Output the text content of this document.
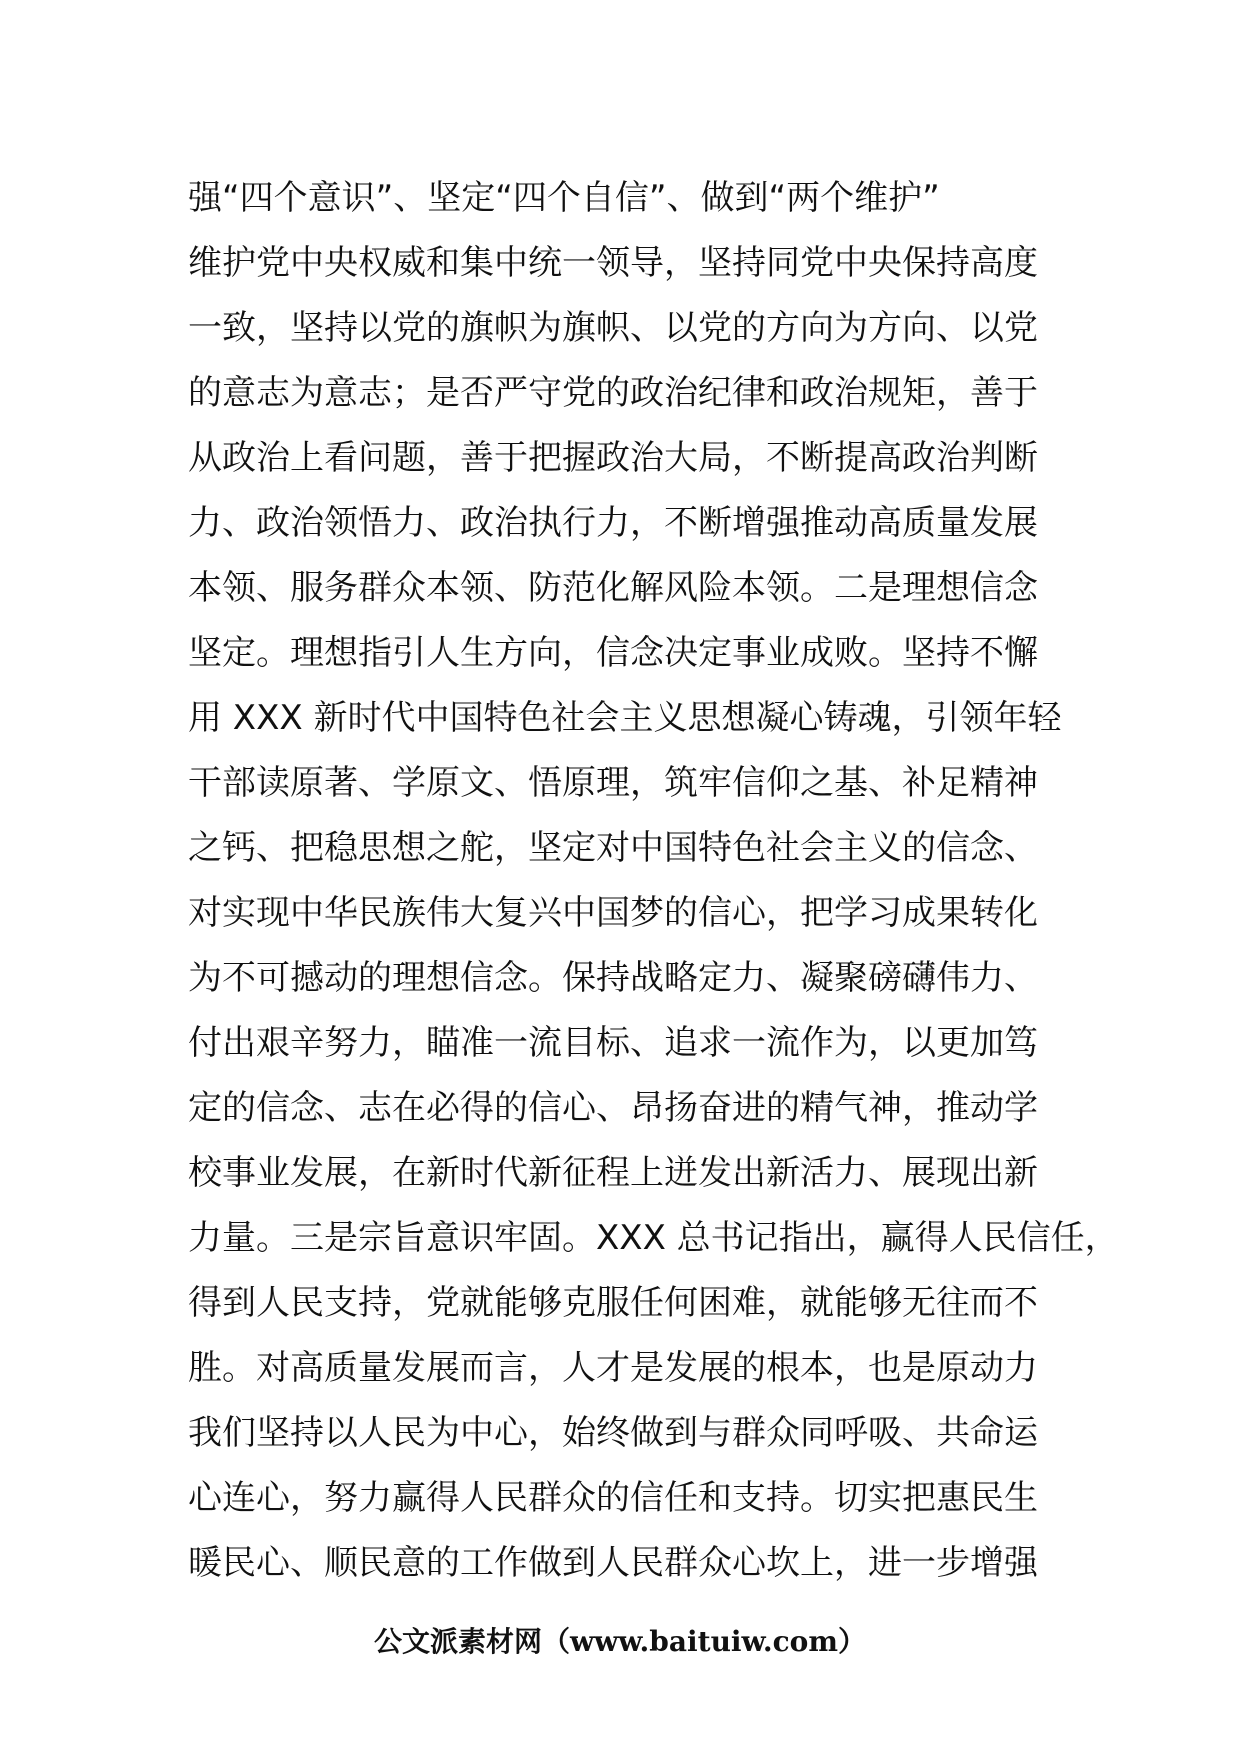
强“四个意识”、坚定“四个自信”、做到“两个维护”
维护党中央权威和集中统一领导，坚持同党中央保持高度
一致，坚持以党的旗帜为旗帜、以党的方向为方向、以党
的意志为意志；是否严守党的政治纪律和政治规矩，善于
从政治上看问题，善于把握政治大局，不断提高政治判断
力、政治领悟力、政治执行力，不断增强推动高质量发展
本领、服务群众本领、防范化解风险本领。二是理想信念
坚定。理想指引人生方向，信念决定事业成败。坚持不懈
用 XXX 新时代中国特色社会主义思想凝心铸魂，引领年轻
干部读原著、学原文、悟原理，筑牢信仰之基、补足精神
之钙、把稳思想之舵，坚定对中国特色社会主义的信念、
对实现中华民族伟大复兴中国梦的信心，把学习成果转化
为不可撼动的理想信念。保持战略定力、凝聚磅礴伟力、
付出艰辛努力，瞄准一流目标、追求一流作为，以更加笃
定的信念、志在必得的信心、昂扬奋进的精气神，推动学
校事业发展，在新时代新征程上迸发出新活力、展现出新
力量。三是宗旨意识牢固。XXX 总书记指出，赢得人民信任，
得到人民支持，党就能够克服任何困难，就能够无往而不
胜。对高质量发展而言，人才是发展的根本，也是原动力
我们坚持以人民为中心，始终做到与群众同呼吸、共命运
心连心，努力赢得人民群众的信任和支持。切实把惠民生
暖民心、顺民意的工作做到人民群众心坎上，进一步增强
公文派素材网（www.baituiw.com）
